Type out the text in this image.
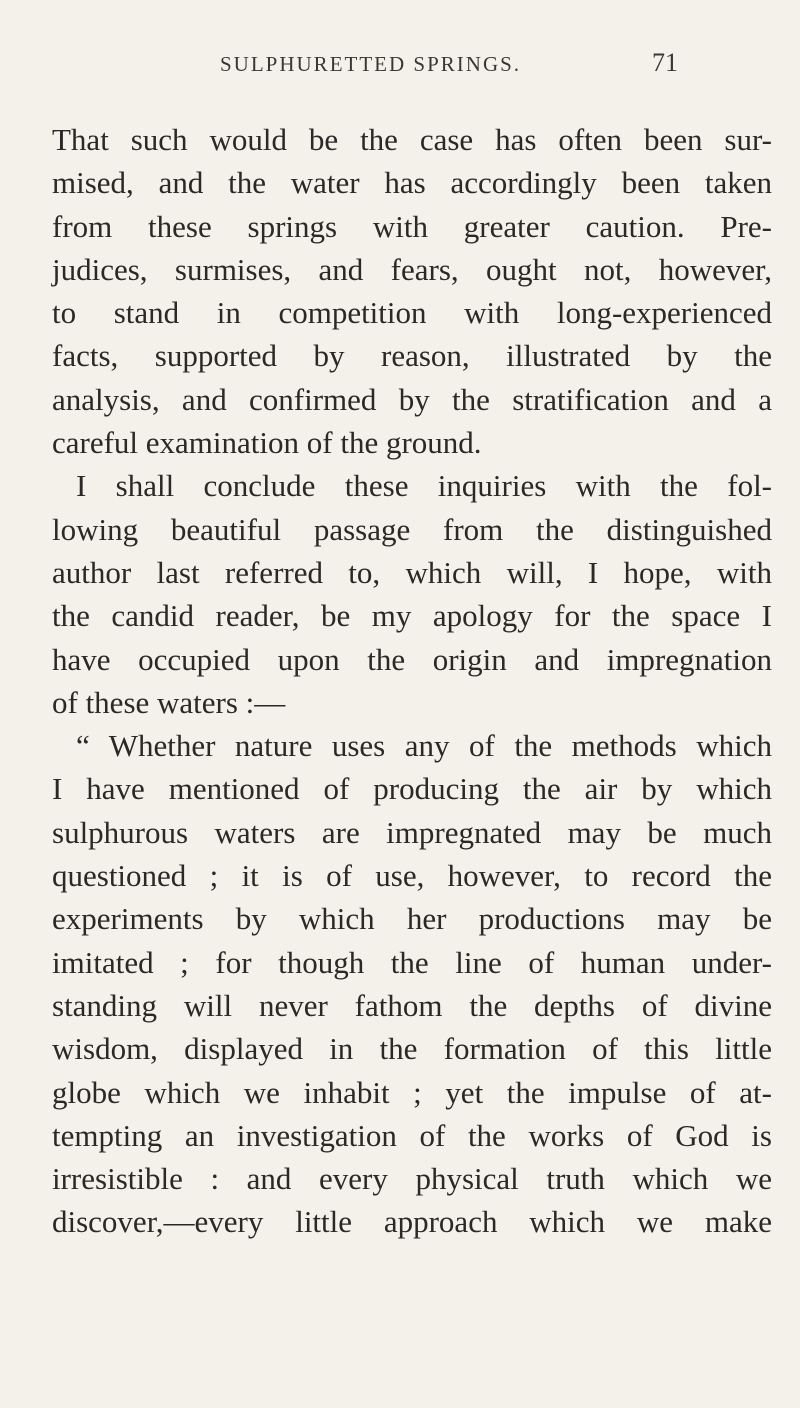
SULPHURETTED SPRINGS.	71
That such would be the case has often been sur-
mised, and the water has accordingly been taken
from these springs with greater caution. Pre-
judices, surmises, and fears, ought not, however,
to stand in competition with long-experienced
facts, supported by reason, illustrated by the
analysis, and confirmed by the stratification and a
careful examination of the ground.
I shall conclude these inquiries with the fol-
lowing beautiful passage from the distinguished
author last referred to, which will, I hope, with
the candid reader, be my apology for the space I
have occupied upon the origin and impregnation
of these waters :—
“ Whether nature uses any of the methods which
I have mentioned of producing the air by which
sulphurous waters are impregnated may be much
questioned ; it is of use, however, to record the
experiments by which her productions may be
imitated ; for though the line of human under-
standing will never fathom the depths of divine
wisdom, displayed in the formation of this little
globe which we inhabit ; yet the impulse of at-
tempting an investigation of the works of God is
irresistible : and every physical truth which we
discover,—every little approach which we make
